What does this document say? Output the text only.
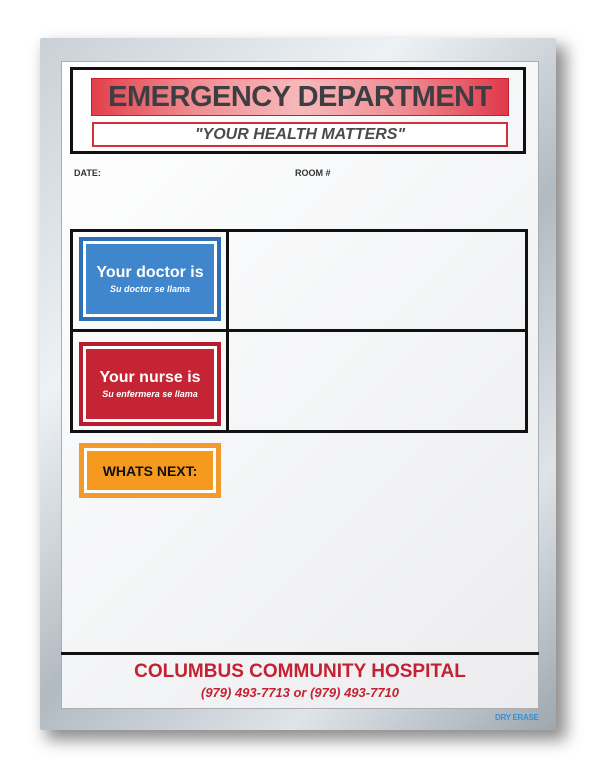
EMERGENCY DEPARTMENT
"YOUR HEALTH MATTERS"
DATE:	ROOM #
Your doctor is
Su doctor se llama
Your nurse is
Su enfermera se llama
WHATS NEXT:
COLUMBUS COMMUNITY HOSPITAL
(979) 493-7713 or (979) 493-7710
DRY ERASE
